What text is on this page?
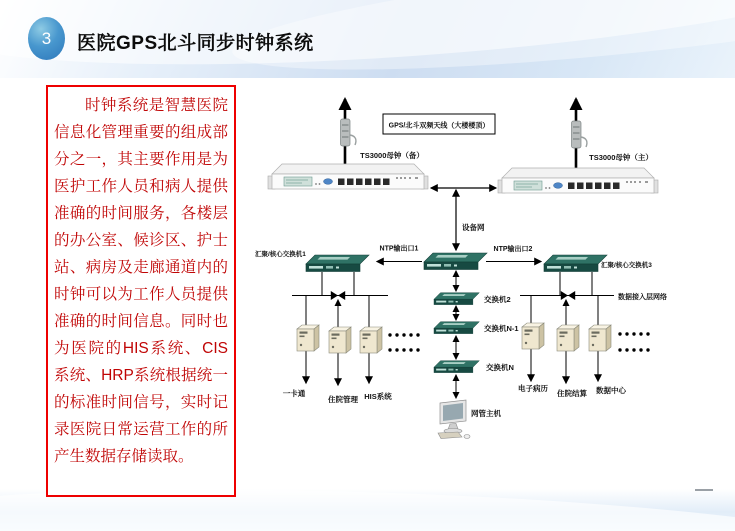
3 医院GPS北斗同步时钟系统

时钟系统是智慧医院信息化管理重要的组成部分之一，其主要作用是为医护工作人员和病人提供准确的时间服务，各楼层的办公室、候诊区、护士站、病房及走廊通道内的时钟可以为工作人员提供准确的时间信息。同时也为医院的HIS系统、CIS系统、HRP系统根据统一的标准时间信号，实时记录医院日常运营工作的所产生数据存储读取。

GPS/北斗双频天线（大楼楼顶）
TS3000母钟（备）	TS3000母钟（主）
设备网
NTP输出口1	NTP输出口2
汇聚/核心交换机1
汇聚/核心交换机3
一卡通
住院管理 HIS系统
交换机2
交换机N-1
交换机N
网管主机
数据接入层网络
电子病历
住院结算 数据中心
